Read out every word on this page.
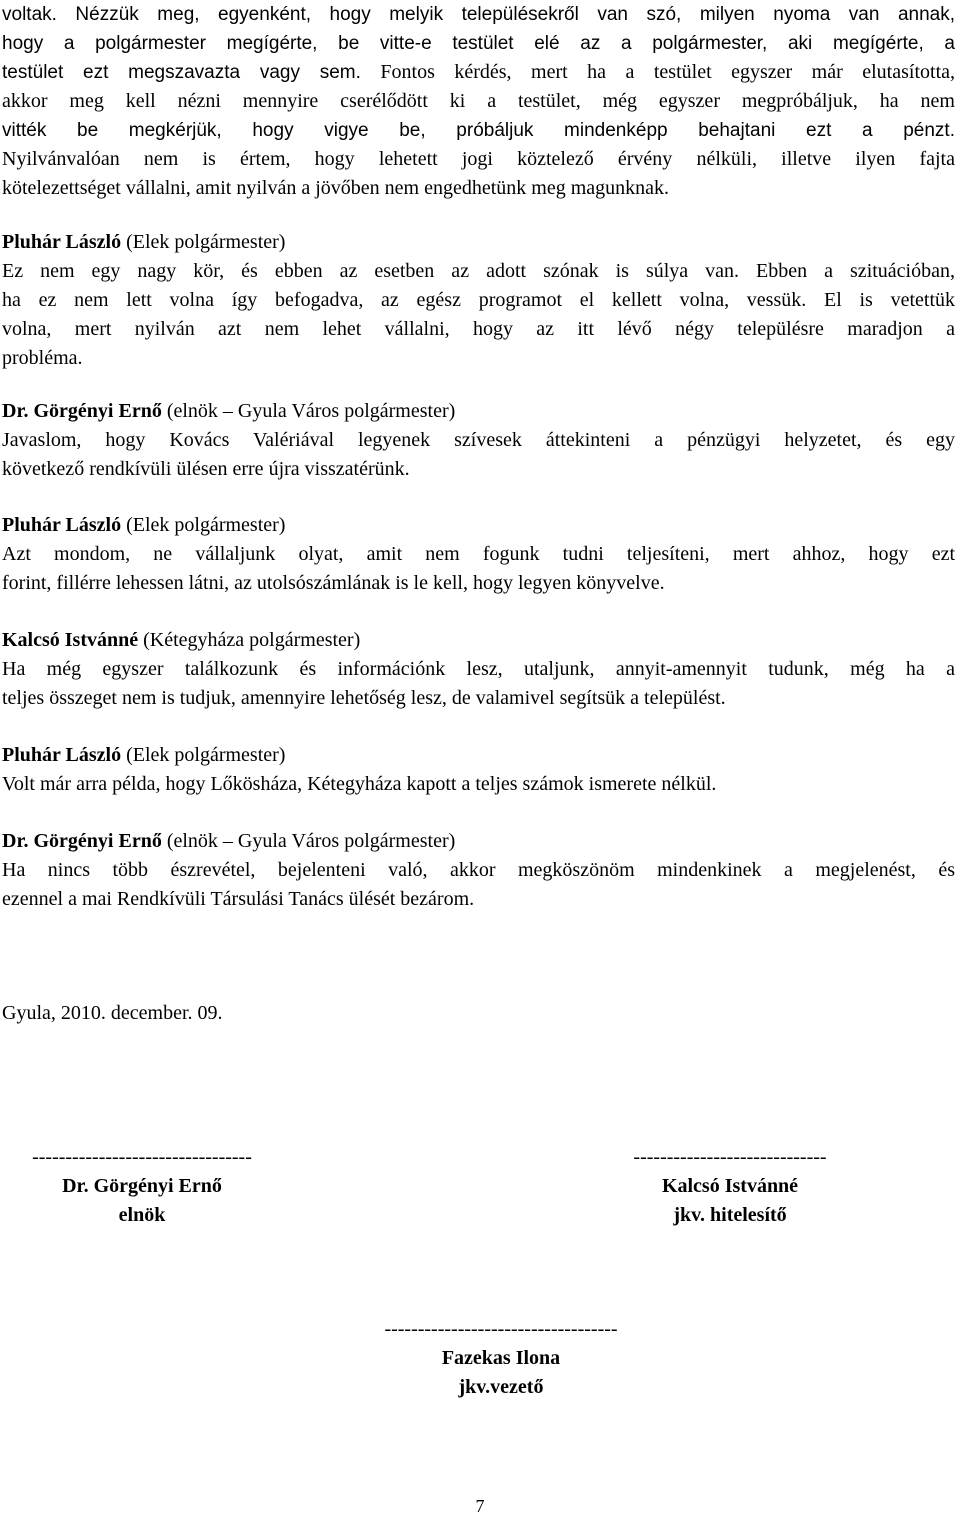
voltak. Nézzük meg, egyenként, hogy melyik településekről van szó, milyen nyoma van annak,
hogy a polgármester megígérte, be vitte-e testület elé az a polgármester, aki megígérte, a
testület ezt megszavazta vagy sem. Fontos kérdés, mert ha a testület egyszer már elutasította,
akkor meg kell nézni mennyire cserélődött ki a testület, még egyszer megpróbáljuk, ha nem
vitték be megkérjük, hogy vigye be, próbáljuk mindenképp behajtani ezt a pénzt.
Nyilvánvalóan nem is értem, hogy lehetett jogi köztelező érvény nélküli, illetve ilyen fajta
kötelezettséget vállalni, amit nyilván a jövőben nem engedhetünk meg magunknak.
Pluhár László (Elek polgármester)
Ez nem egy nagy kör, és ebben az esetben az adott szónak is súlya van. Ebben a szituációban,
ha ez nem lett volna így befogadva, az egész programot el kellett volna, vessük. El is vetettük
volna, mert nyilván azt nem lehet vállalni, hogy az itt lévő négy településre maradjon a
probléma.
Dr. Görgényi Ernő (elnök – Gyula Város polgármester)
Javaslom, hogy Kovács Valériával legyenek szívesek áttekinteni a pénzügyi helyzetet, és egy
következő rendkívüli ülésen erre újra visszatérünk.
Pluhár László (Elek polgármester)
Azt mondom, ne vállaljunk olyat, amit nem fogunk tudni teljesíteni, mert ahhoz, hogy ezt
forint, fillérre lehessen látni, az utolsószámlának is le kell, hogy legyen könyvelve.
Kalcsó Istvánné (Kétegyháza polgármester)
Ha még egyszer találkozunk és információnk lesz, utaljunk, annyit-amennyit tudunk, még ha a
teljes összeget nem is tudjuk, amennyire lehetőség lesz, de valamivel segítsük a települést.
Pluhár László (Elek polgármester)
Volt már arra példa, hogy Lőkösháza, Kétegyháza kapott a teljes számok ismerete nélkül.
Dr. Görgényi Ernő (elnök – Gyula Város polgármester)
Ha nincs több észrevétel, bejelenteni való, akkor megköszönöm mindenkinek a megjelenést, és
ezennel a mai Rendkívüli Társulási Tanács ülését bezárom.
Gyula, 2010. december. 09.
---------------------------------
Dr. Görgényi Ernő
elnök
-----------------------------
Kalcsó Istvánné
jkv. hitelesítő
-----------------------------------
Fazekas Ilona
jkv.vezető
7
